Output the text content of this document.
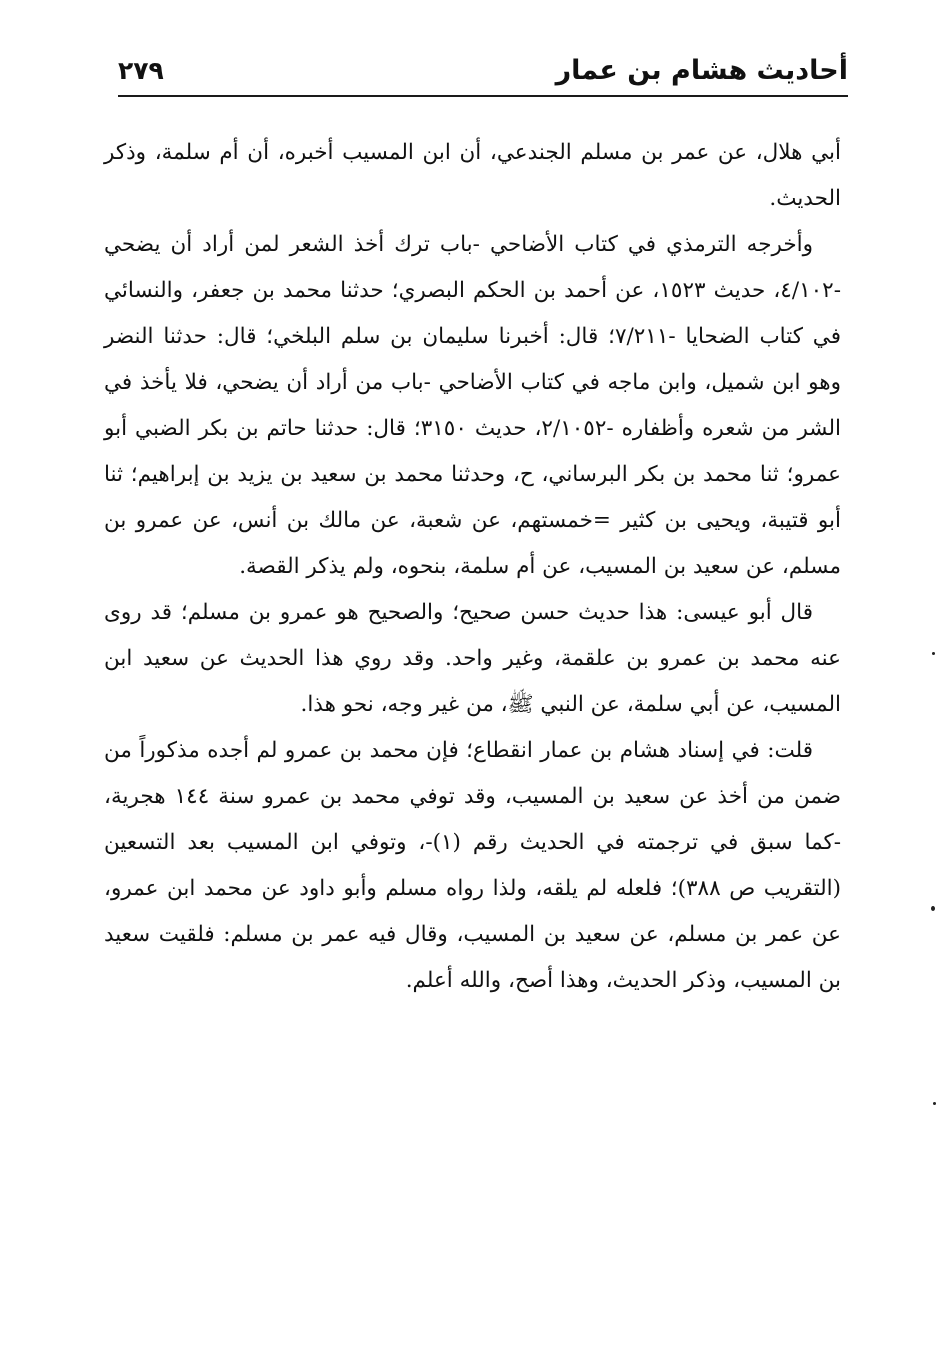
أحاديث هشام بن عمار
٢٧٩

أبي هلال، عن عمر بن مسلم الجندعي، أن ابن المسيب أخبره، أن أم سلمة، وذكر الحديث.

وأخرجه الترمذي في كتاب الأضاحي -باب ترك أخذ الشعر لمن أراد أن يضحي -٤/١٠٢، حديث ١٥٢٣، عن أحمد بن الحكم البصري؛ حدثنا محمد بن جعفر، والنسائي في كتاب الضحايا -٧/٢١١؛ قال: أخبرنا سليمان بن سلم البلخي؛ قال: حدثنا النضر وهو ابن شميل، وابن ماجه في كتاب الأضاحي -باب من أراد أن يضحي، فلا يأخذ في الشر من شعره وأظفاره -٢/١٠٥٢، حديث ٣١٥٠؛ قال: حدثنا حاتم بن بكر الضبي أبو عمرو؛ ثنا محمد بن بكر البرساني، ح، وحدثنا محمد بن سعيد بن يزيد بن إبراهيم؛ ثنا أبو قتيبة، ويحيى بن كثير =خمستهم، عن شعبة، عن مالك بن أنس، عن عمرو بن مسلم، عن سعيد بن المسيب، عن أم سلمة، بنحوه، ولم يذكر القصة.

قال أبو عيسى: هذا حديث حسن صحيح؛ والصحيح هو عمرو بن مسلم؛ قد روى عنه محمد بن عمرو بن علقمة، وغير واحد. وقد روي هذا الحديث عن سعيد ابن المسيب، عن أبي سلمة، عن النبي ﷺ، من غير وجه، نحو هذا.

قلت: في إسناد هشام بن عمار انقطاع؛ فإن محمد بن عمرو لم أجده مذكوراً من ضمن من أخذ عن سعيد بن المسيب، وقد توفي محمد بن عمرو سنة ١٤٤ هجرية، -كما سبق في ترجمته في الحديث رقم (١)-، وتوفي ابن المسيب بعد التسعين (التقريب ص ٣٨٨)؛ فلعله لم يلقه، ولذا رواه مسلم وأبو داود عن محمد ابن عمرو، عن عمر بن مسلم، عن سعيد بن المسيب، وقال فيه عمر بن مسلم: فلقيت سعيد بن المسيب، وذكر الحديث، وهذا أصح، والله أعلم.
